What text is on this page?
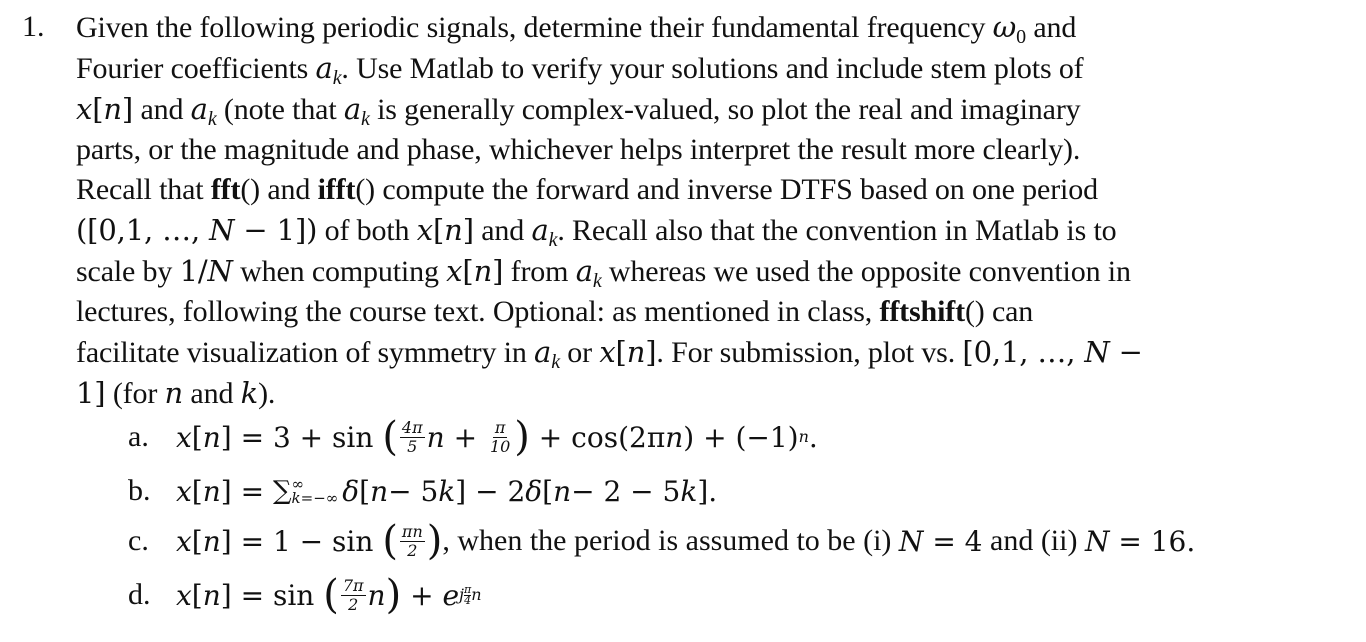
1. Given the following periodic signals, determine their fundamental frequency $\omega_0$ and
Fourier coefficients $a_k$. Use Matlab to verify your solutions and include stem plots of
x[n] and $a_k$ (note that $a_k$ is generally complex-valued, so plot the real and imaginary
parts, or the magnitude and phase, whichever helps interpret the result more clearly).
Recall that fft() and ifft() compute the forward and inverse DTFS based on one period
([0,1, …, N − 1]) of both x[n] and $a_k$. Recall also that the convention in Matlab is to
scale by 1/N when computing x[n] from $a_k$ whereas we used the opposite convention in
lectures, following the course text. Optional: as mentioned in class, fftshift() can
facilitate visualization of symmetry in $a_k$ or x[n]. For submission, plot vs. [0,1, …, N −
1] (for n and k).
a. x [ n ] = 3 + sin ( $\frac{4\pi}{5}$ $n + \frac{\pi}{10}$ ) + cos(2π n ) + (−1) n .
b. x [ n ] = ∑ ∞
k=−∞ δ [ n − 5 k ] − 2 δ [ n − 2 − 5 k ].
c. x [ n ] = 1 − sin ( $\frac{\pi n}{2}$ ) , when the period is assumed to be (i) N = 4 and (ii) N = 16.
d. x [ n ] = sin ( $\frac{7\pi}{2}$ n ) + e j $\frac{\pi}{4}$ n
